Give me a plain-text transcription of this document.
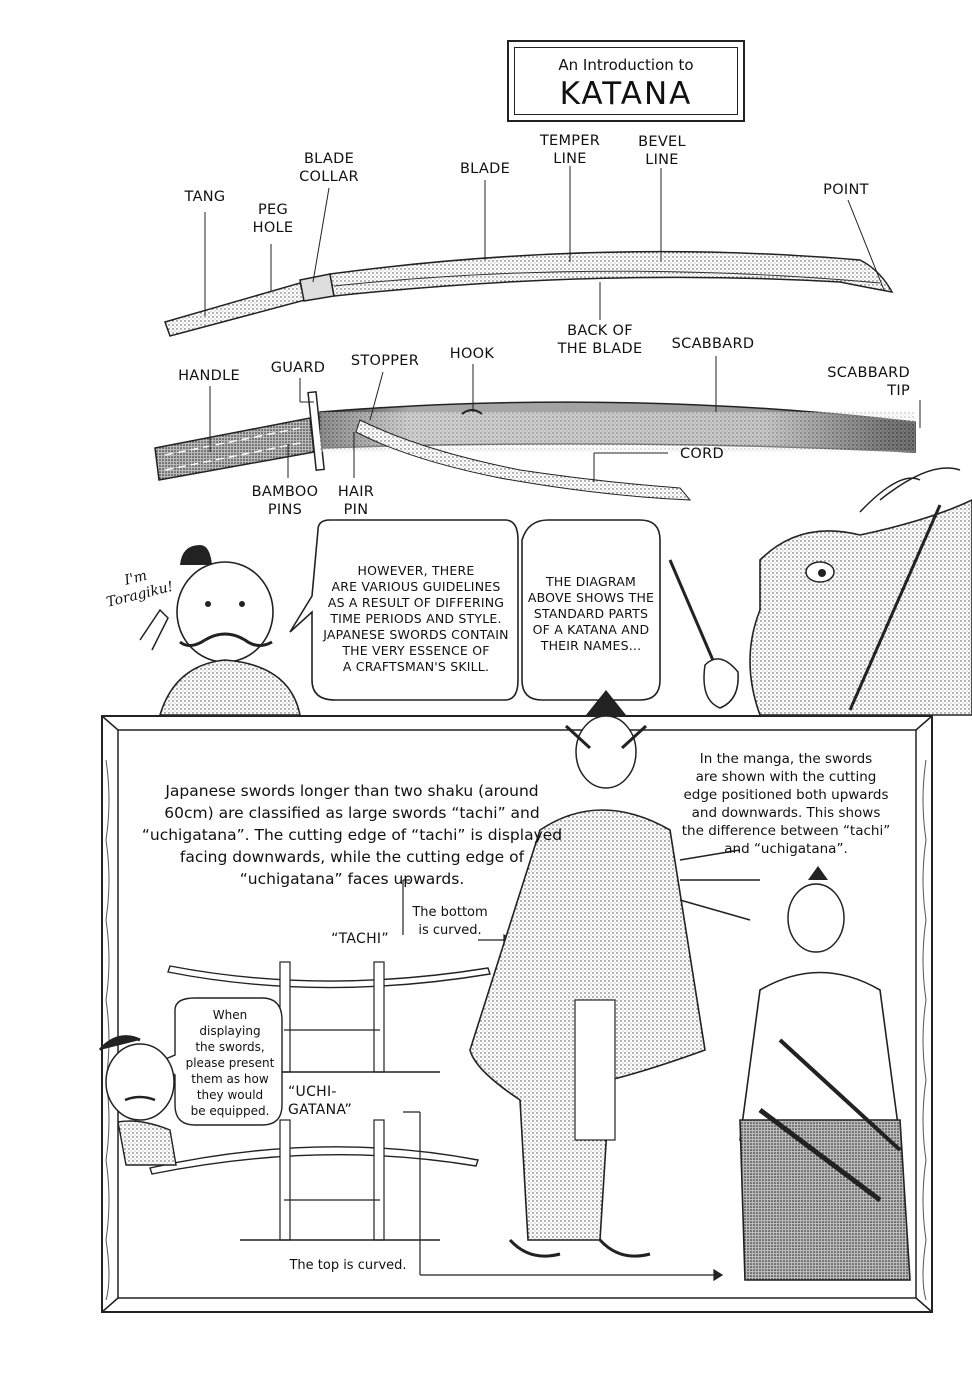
An Introduction to
KATANA
TANG
PEG
HOLE
BLADE
COLLAR	BLADE
TEMPER
LINE
BEVEL
LINE
POINT
BACK OF
THE BLADE
HANDLE	GUARD	STOPPER	HOOK
SCABBARD
SCABBARD
TIP
CORD
BAMBOO
PINS
HAIR
PIN
I'm
Toragiku!
HOWEVER, THERE
ARE VARIOUS GUIDELINES
AS A RESULT OF DIFFERING
TIME PERIODS AND STYLE.
JAPANESE SWORDS CONTAIN
THE VERY ESSENCE OF
A CRAFTSMAN'S SKILL.
THE DIAGRAM
ABOVE SHOWS THE
STANDARD PARTS
OF A KATANA AND
THEIR NAMES...
Japanese swords longer than two shaku (around
60cm) are classified as large swords “tachi” and
“uchigatana”. The cutting edge of “tachi” is displayed
facing downwards, while the cutting edge of
“uchigatana” faces upwards.
In the manga, the swords
are shown with the cutting
edge positioned both upwards
and downwards. This shows
the difference between “tachi”
and “uchigatana”.
“TACHI”
The bottom
is curved.
“UCHI-
GATANA”
The top is curved.
When
displaying
the swords,
please present
them as how
they would
be equipped.
